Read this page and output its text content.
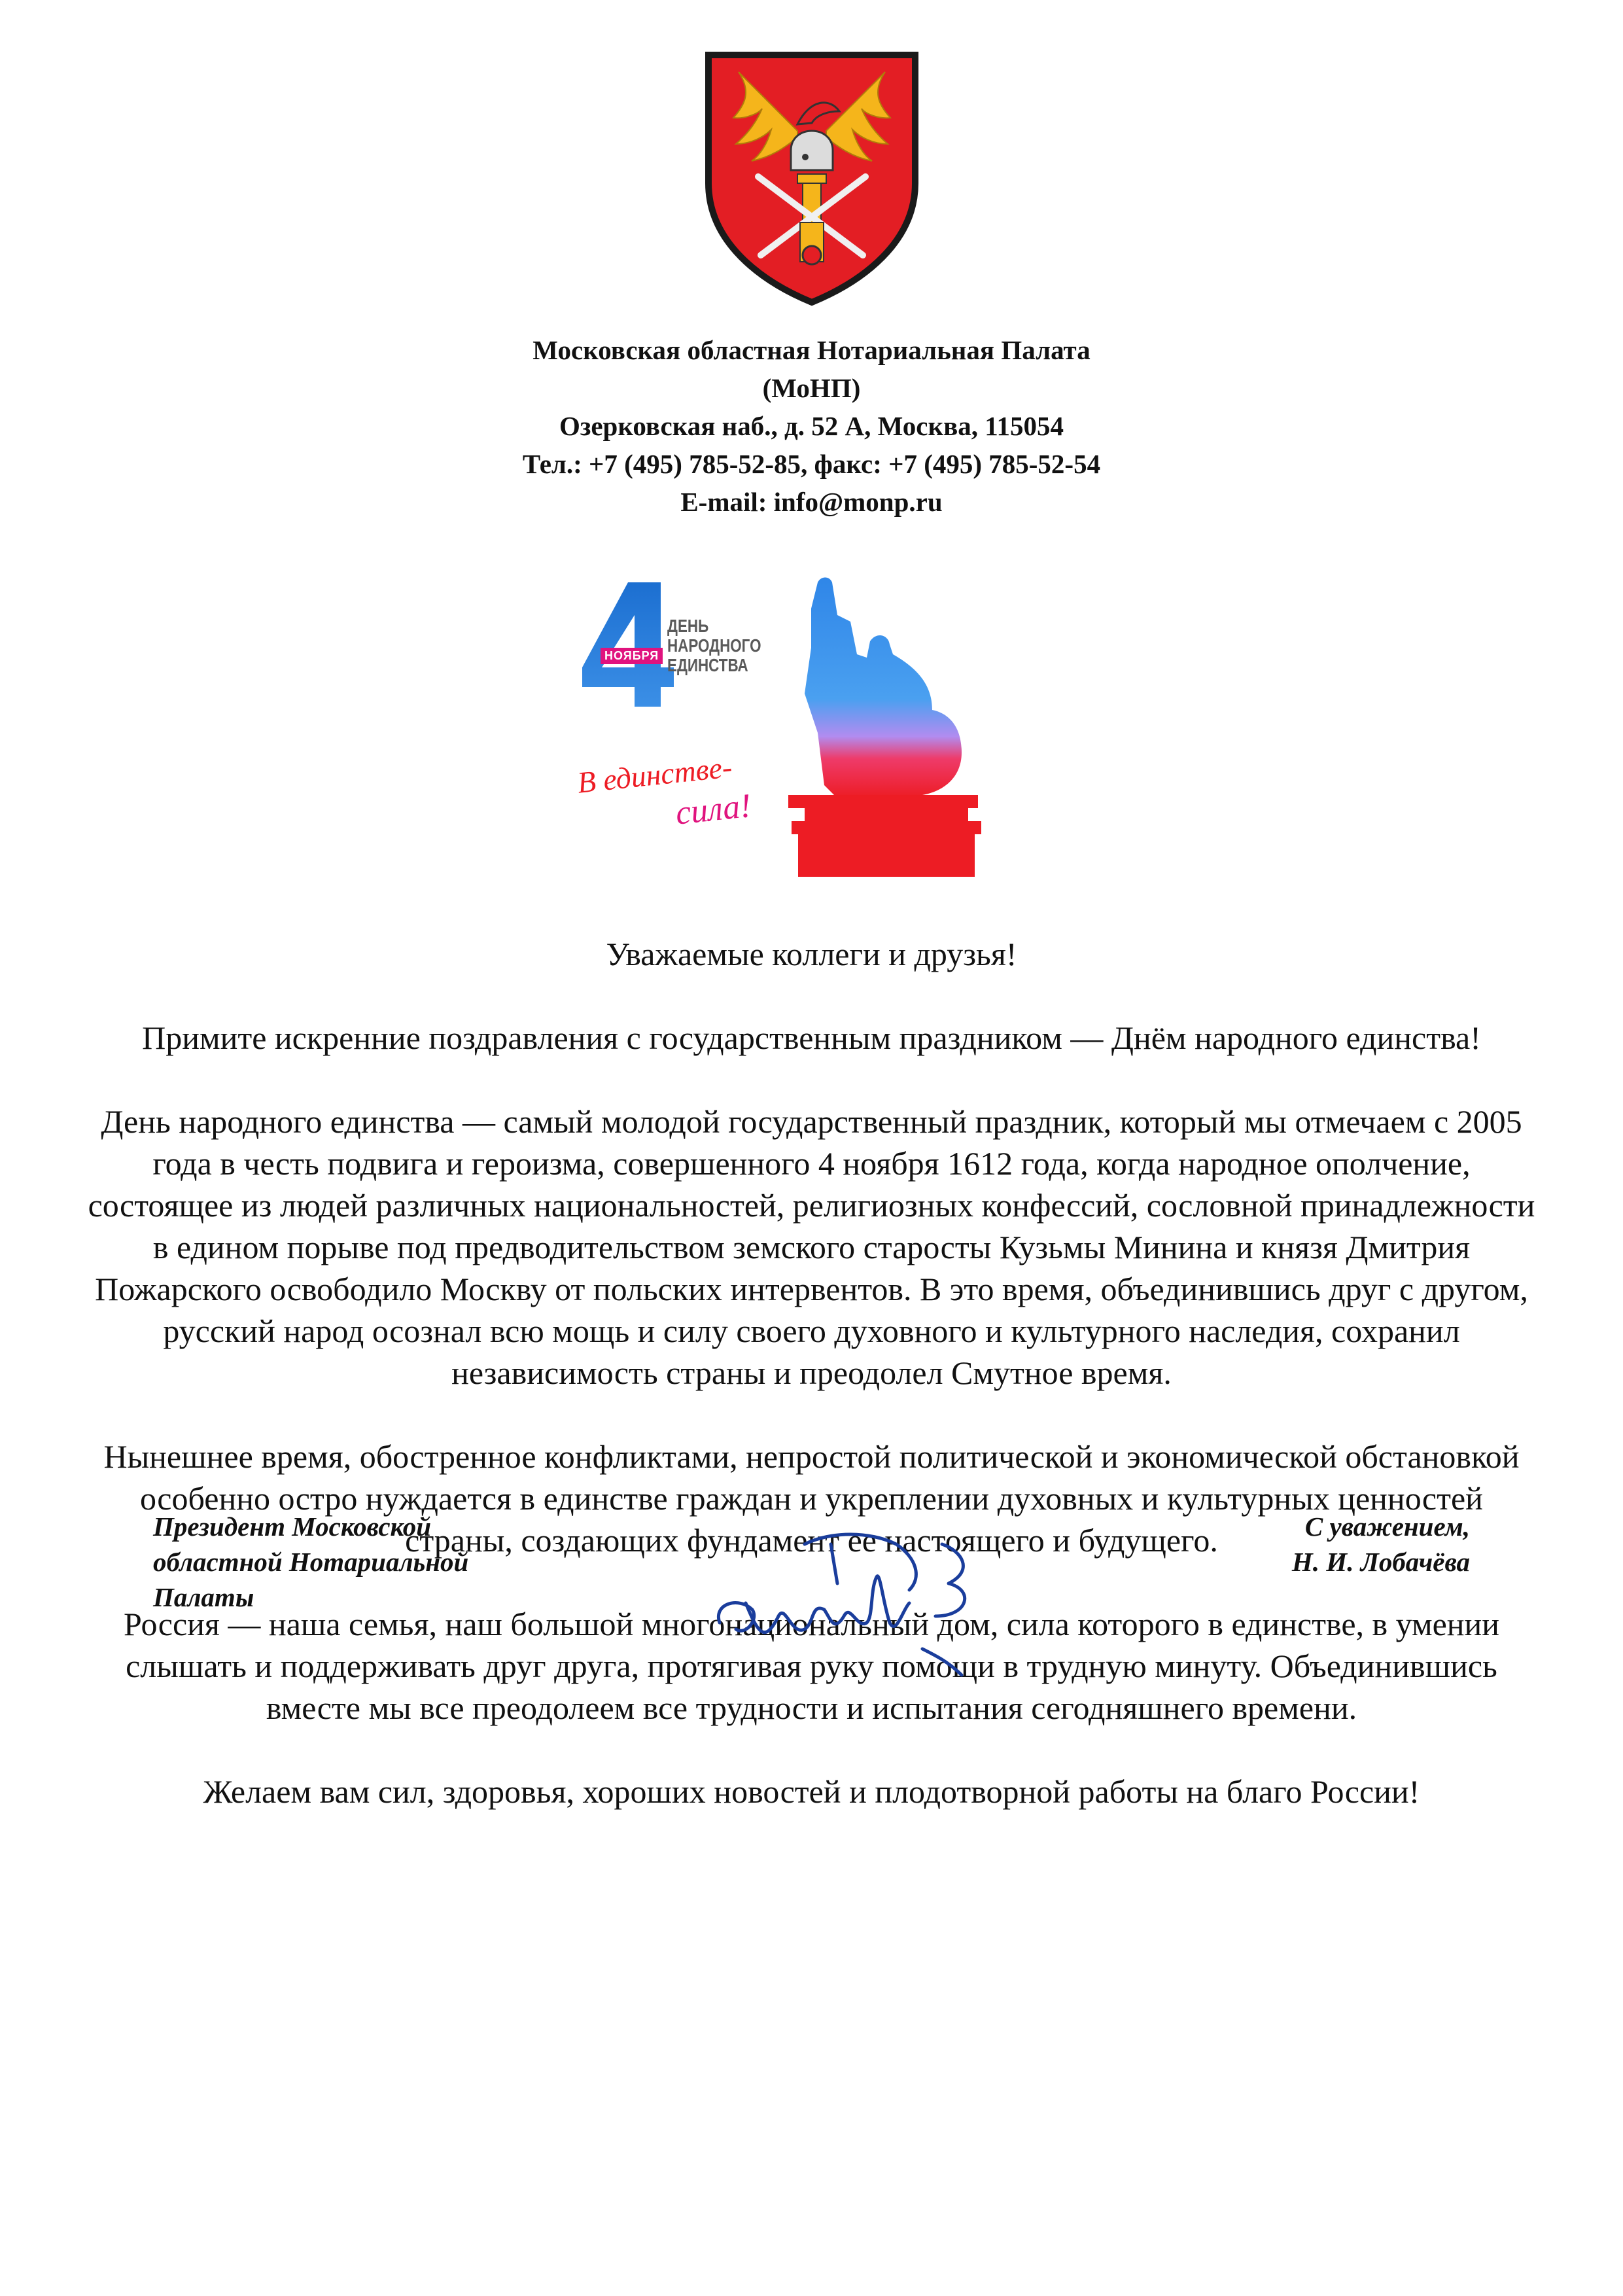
Московская областная Нотариальная Палата
(МоНП)
Озерковская наб., д. 52 А, Москва, 115054
Тел.: +7 (495) 785-52-85, факс: +7 (495) 785-52-54
E-mail: info@monp.ru
НОЯБРЯ
ДЕНЬ
НАРОДНОГО
ЕДИНСТВА
В единстве-
сила!

Уважаемые коллеги и друзья!

Примите искренние поздравления с государственным праздником — Днём народного единства!

День народного единства — самый молодой государственный праздник, который мы отмечаем с 2005 года в честь подвига и героизма, совершенного 4 ноября 1612 года, когда народное ополчение, состоящее из людей различных национальностей, религиозных конфессий, сословной принадлежности в едином порыве под предводительством земского старосты Кузьмы Минина и князя Дмитрия Пожарского освободило Москву от польских интервентов. В это время, объединившись друг с другом, русский народ осознал всю мощь и силу своего духовного и культурного наследия, сохранил независимость страны и преодолел Смутное время.

Нынешнее время, обостренное конфликтами, непростой политической и экономической обстановкой особенно остро нуждается в единстве граждан и укреплении духовных и культурных ценностей страны, создающих фундамент ее настоящего и будущего.

Россия — наша семья, наш большой многонациональный дом, сила которого в единстве, в умении слышать и поддерживать друг друга, протягивая руку помощи в трудную минуту. Объединившись вместе мы все преодолеем все трудности и испытания сегодняшнего времени.

Желаем вам сил, здоровья, хороших новостей и плодотворной работы на благо России!

Президент Московской
областной Нотариальной
Палаты
С уважением,
Н. И. Лобачёва
